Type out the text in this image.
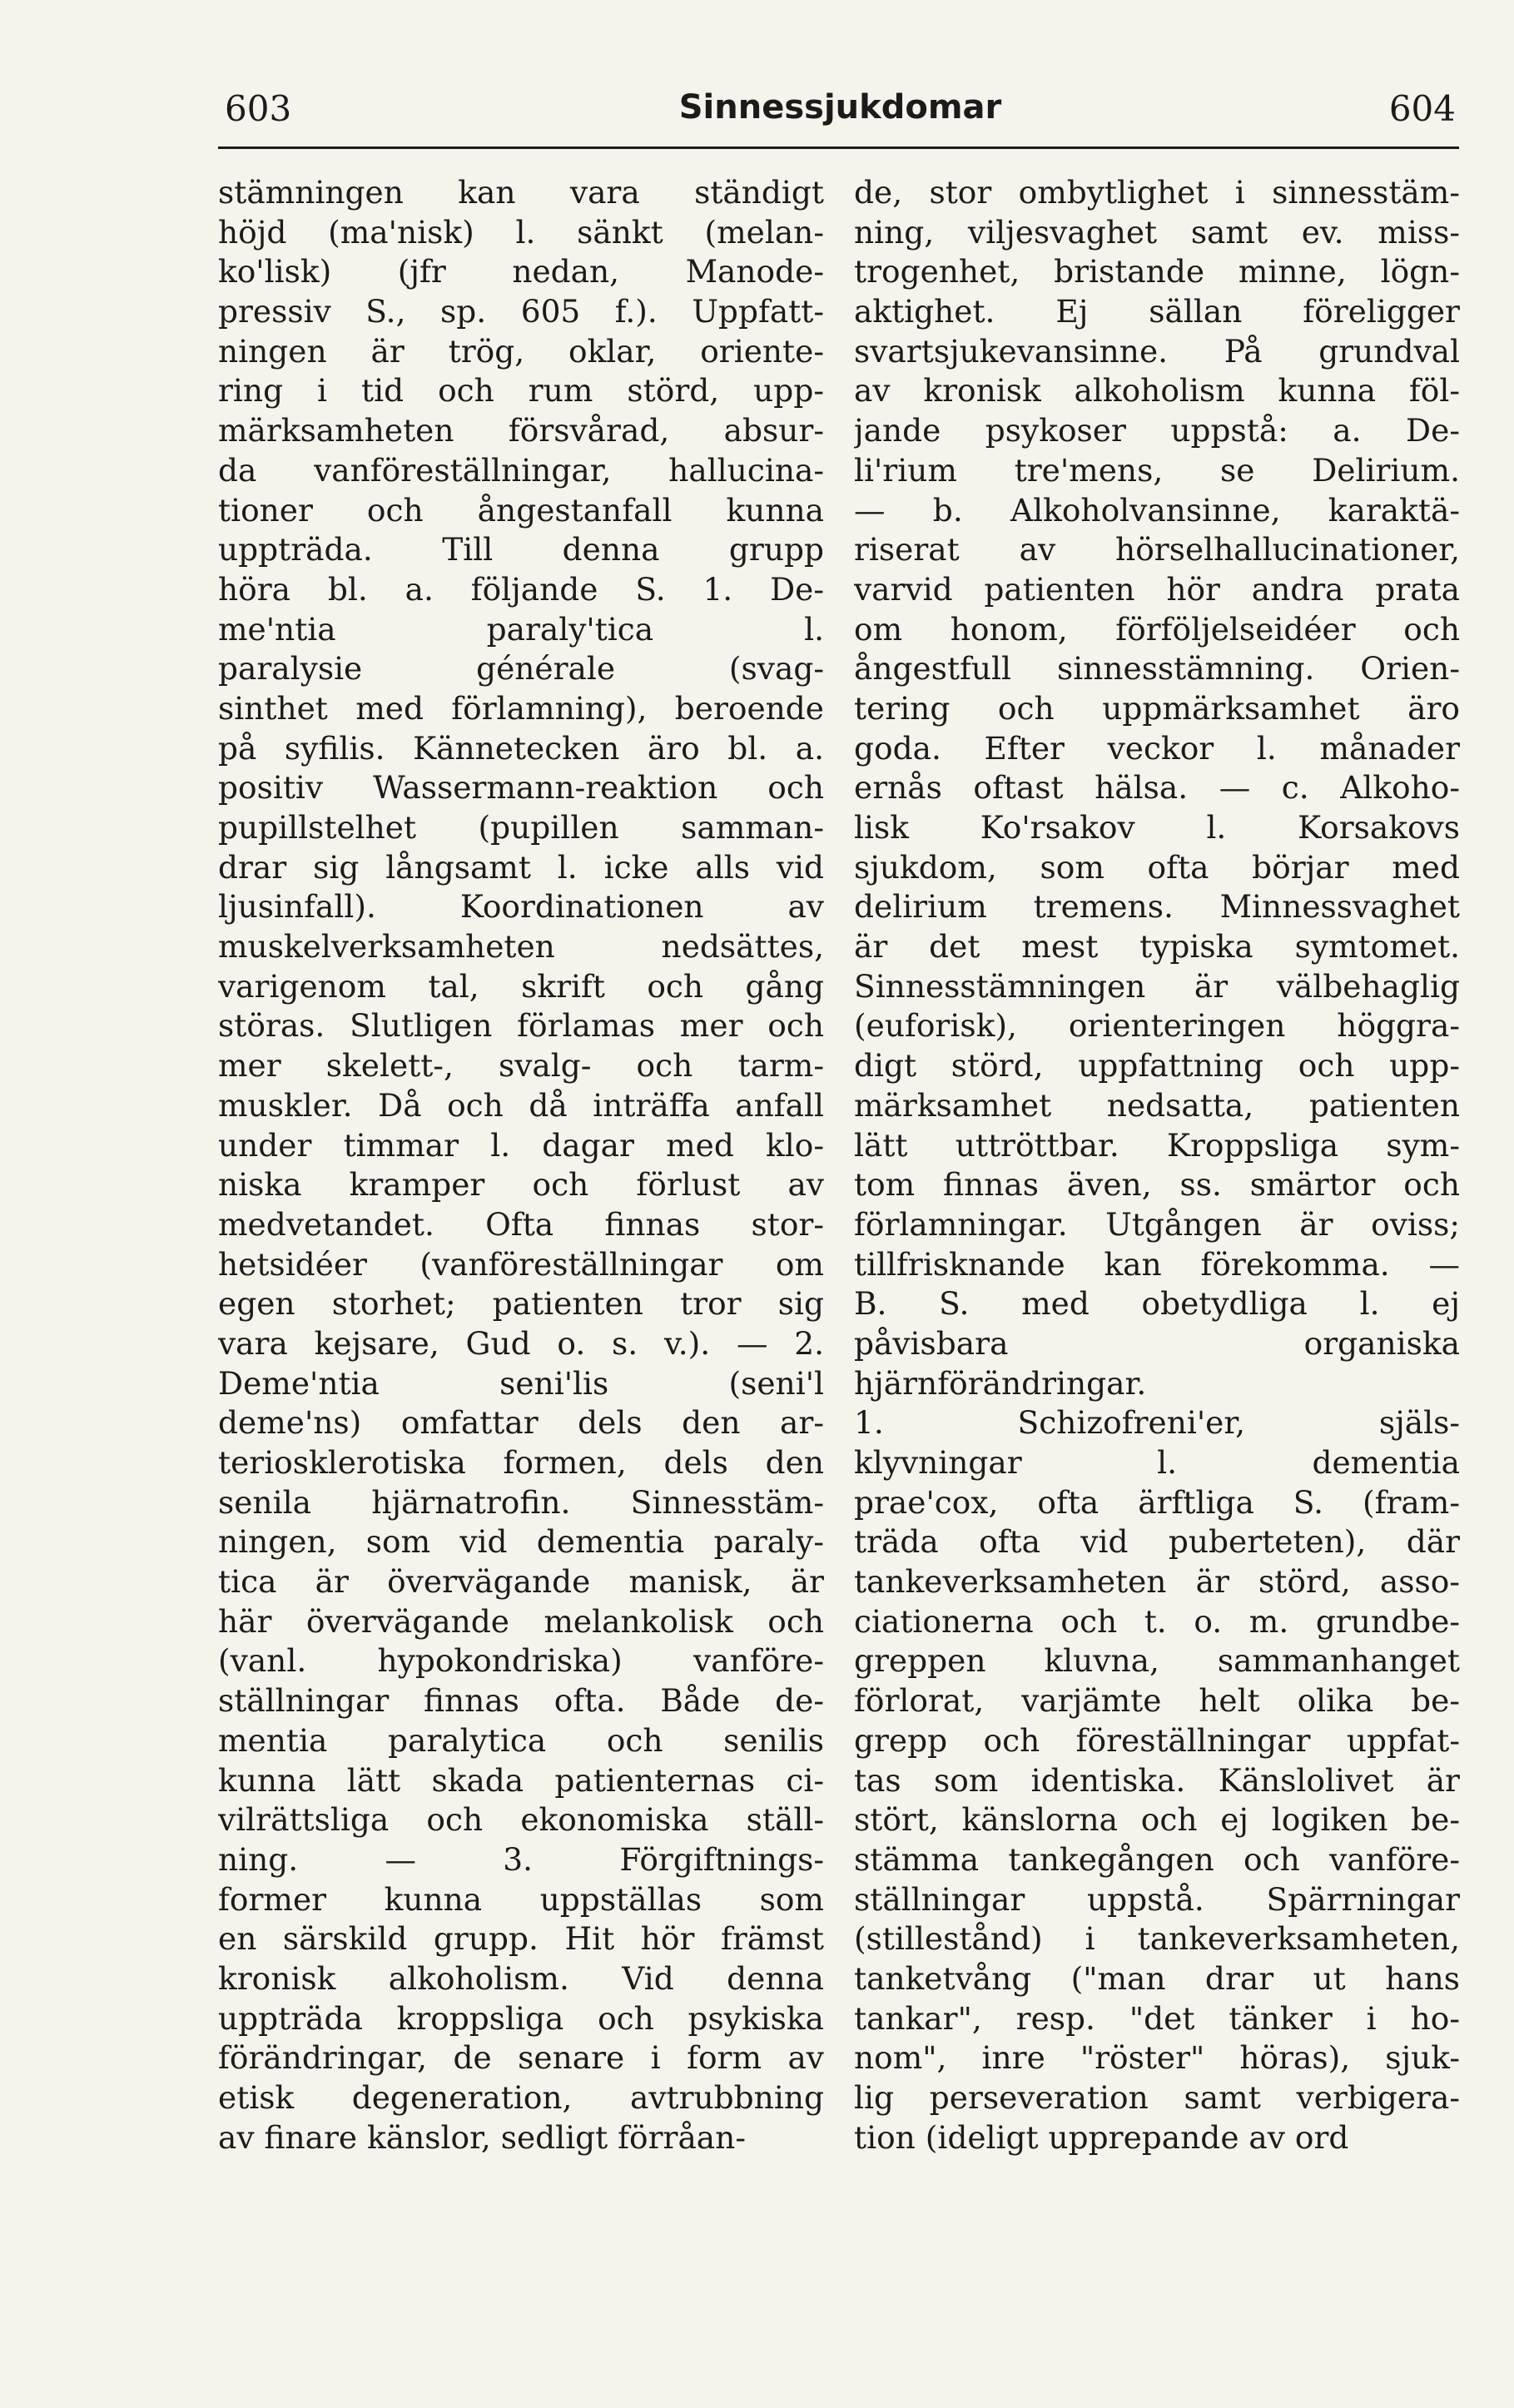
603	Sinnessjukdomar	604
stämningen kan vara ständigt
höjd (ma'nisk) l. sänkt (melan-
ko'lisk) (jfr nedan, Manode-
pressiv S., sp. 605 f.). Uppfatt-
ningen är trög, oklar, oriente-
ring i tid och rum störd, upp-
märksamheten försvårad, absur-
da vanföreställningar, hallucina-
tioner och ångestanfall kunna
uppträda. Till denna grupp
höra bl. a. följande S. 1. De-
me'ntia paraly'tica l.
paralysie générale (svag-
sinthet med förlamning), beroende
på syfilis. Kännetecken äro bl. a.
positiv Wassermann-reaktion och
pupillstelhet (pupillen samman-
drar sig långsamt l. icke alls vid
ljusinfall). Koordinationen av
muskelverksamheten nedsättes,
varigenom tal, skrift och gång
störas. Slutligen förlamas mer och
mer skelett-, svalg- och tarm-
muskler. Då och då inträffa anfall
under timmar l. dagar med klo-
niska kramper och förlust av
medvetandet. Ofta finnas stor-
hetsidéer (vanföreställningar om
egen storhet; patienten tror sig
vara kejsare, Gud o. s. v.). — 2.
Deme'ntia seni'lis (seni'l
deme'ns) omfattar dels den ar-
teriosklerotiska formen, dels den
senila hjärnatrofin. Sinnesstäm-
ningen, som vid dementia paraly-
tica är övervägande manisk, är
här övervägande melankolisk och
(vanl. hypokondriska) vanföre-
ställningar finnas ofta. Både de-
mentia paralytica och senilis
kunna lätt skada patienternas ci-
vilrättsliga och ekonomiska ställ-
ning. — 3. Förgiftnings-
former kunna uppställas som
en särskild grupp. Hit hör främst
kronisk alkoholism. Vid denna
uppträda kroppsliga och psykiska
förändringar, de senare i form av
etisk degeneration, avtrubbning
av finare känslor, sedligt förråan-
de, stor ombytlighet i sinnesstäm-
ning, viljesvaghet samt ev. miss-
trogenhet, bristande minne, lögn-
aktighet. Ej sällan föreligger
svartsjukevansinne. På grundval
av kronisk alkoholism kunna föl-
jande psykoser uppstå: a. De-
li'rium tre'mens, se Delirium.
— b. Alkoholvansinne, karaktä-
riserat av hörselhallucinationer,
varvid patienten hör andra prata
om honom, förföljelseidéer och
ångestfull sinnesstämning. Orien-
tering och uppmärksamhet äro
goda. Efter veckor l. månader
ernås oftast hälsa. — c. Alkoho-
lisk Ko'rsakov l. Korsakovs
sjukdom, som ofta börjar med
delirium tremens. Minnessvaghet
är det mest typiska symtomet.
Sinnesstämningen är välbehaglig
(euforisk), orienteringen höggra-
digt störd, uppfattning och upp-
märksamhet nedsatta, patienten
lätt uttröttbar. Kroppsliga sym-
tom finnas även, ss. smärtor och
förlamningar. Utgången är oviss;
tillfrisknande kan förekomma. —
B. S. med obetydliga l. ej
påvisbara organiska
hjärnförändringar.
1. Schizofreni'er, själs-
klyvningar l. dementia
prae'cox, ofta ärftliga S. (fram-
träda ofta vid puberteten), där
tankeverksamheten är störd, asso-
ciationerna och t. o. m. grundbe-
greppen kluvna, sammanhanget
förlorat, varjämte helt olika be-
grepp och föreställningar uppfat-
tas som identiska. Känslolivet är
stört, känslorna och ej logiken be-
stämma tankegången och vanföre-
ställningar uppstå. Spärrningar
(stillestånd) i tankeverksamheten,
tanketvång ("man drar ut hans
tankar", resp. "det tänker i ho-
nom", inre "röster" höras), sjuk-
lig perseveration samt verbigera-
tion (ideligt upprepande av ord
